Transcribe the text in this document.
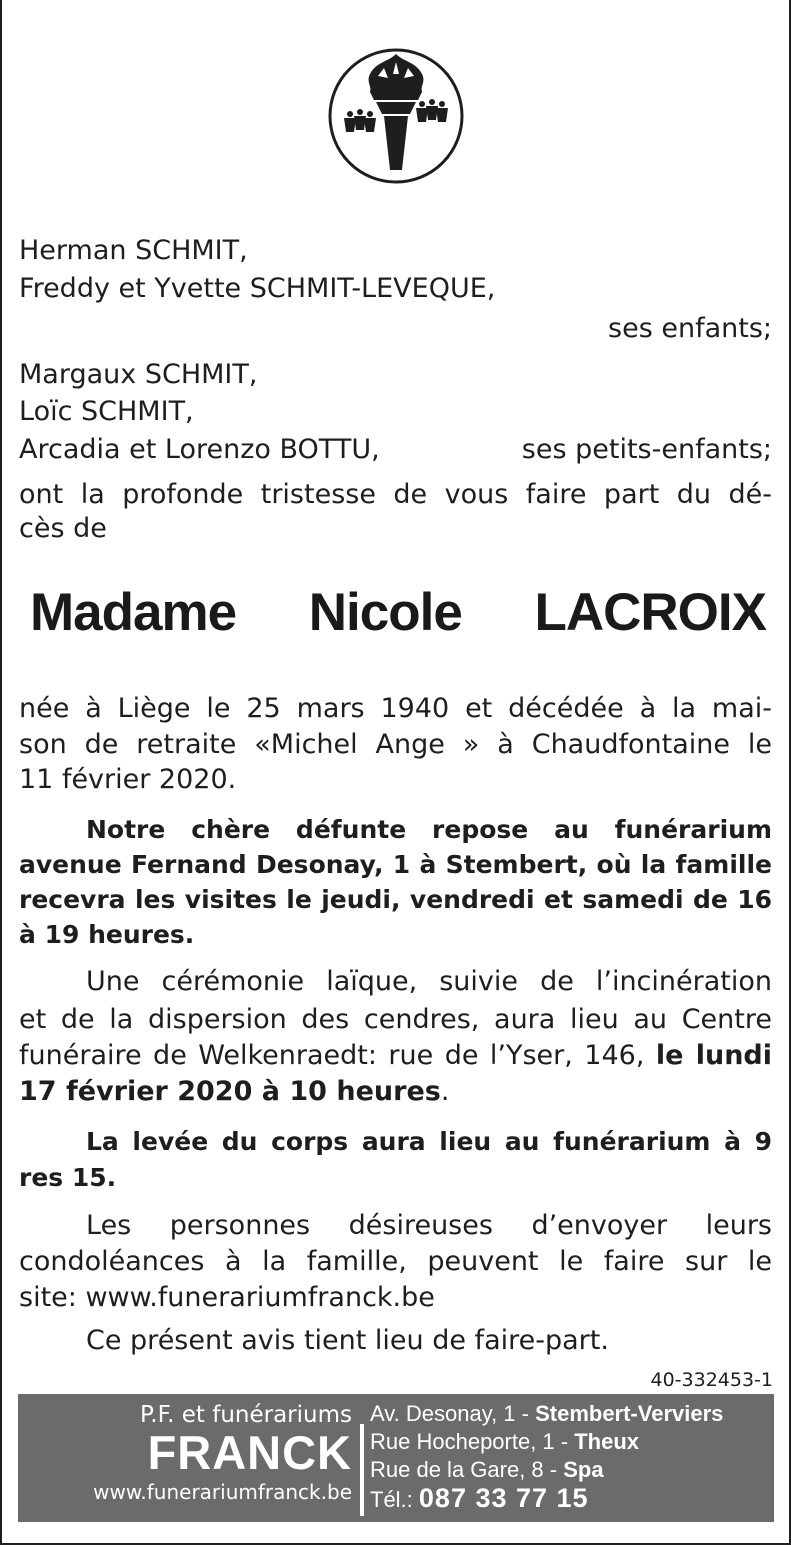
Herman SCHMIT,
Freddy et Yvette SCHMIT-LEVEQUE,
ses enfants;
Margaux SCHMIT,
Loïc SCHMIT,
Arcadia et Lorenzo BOTTU,	ses petits-enfants;
ont la profonde tristesse de vous faire part du dé-
cès de
Madame Nicole LACROIX
née à Liège le 25 mars 1940 et décédée à la mai-
son de retraite «Michel Ange » à Chaudfontaine le
11 février 2020.
Notre chère défunte repose au funérarium
avenue Fernand Desonay, 1 à Stembert, où la famille
recevra les visites le jeudi, vendredi et samedi de 16
à 19 heures.
Une cérémonie laïque, suivie de l’incinération
et de la dispersion des cendres, aura lieu au Centre
funéraire de Welkenraedt: rue de l’Yser, 146, le lundi
17 février 2020 à 10 heures.
La levée du corps aura lieu au funérarium à 9
res 15.
Les personnes désireuses d’envoyer leurs
condoléances à la famille, peuvent le faire sur le
site: www.funerariumfranck.be
Ce présent avis tient lieu de faire-part.
40-332453-1
P.F. et funérariums
FRANCK
www.funerariumfranck.be
Av. Desonay, 1 - Stembert-Verviers
Rue Hocheporte, 1 - Theux
Rue de la Gare, 8 - Spa
Tél.: 087 33 77 15
